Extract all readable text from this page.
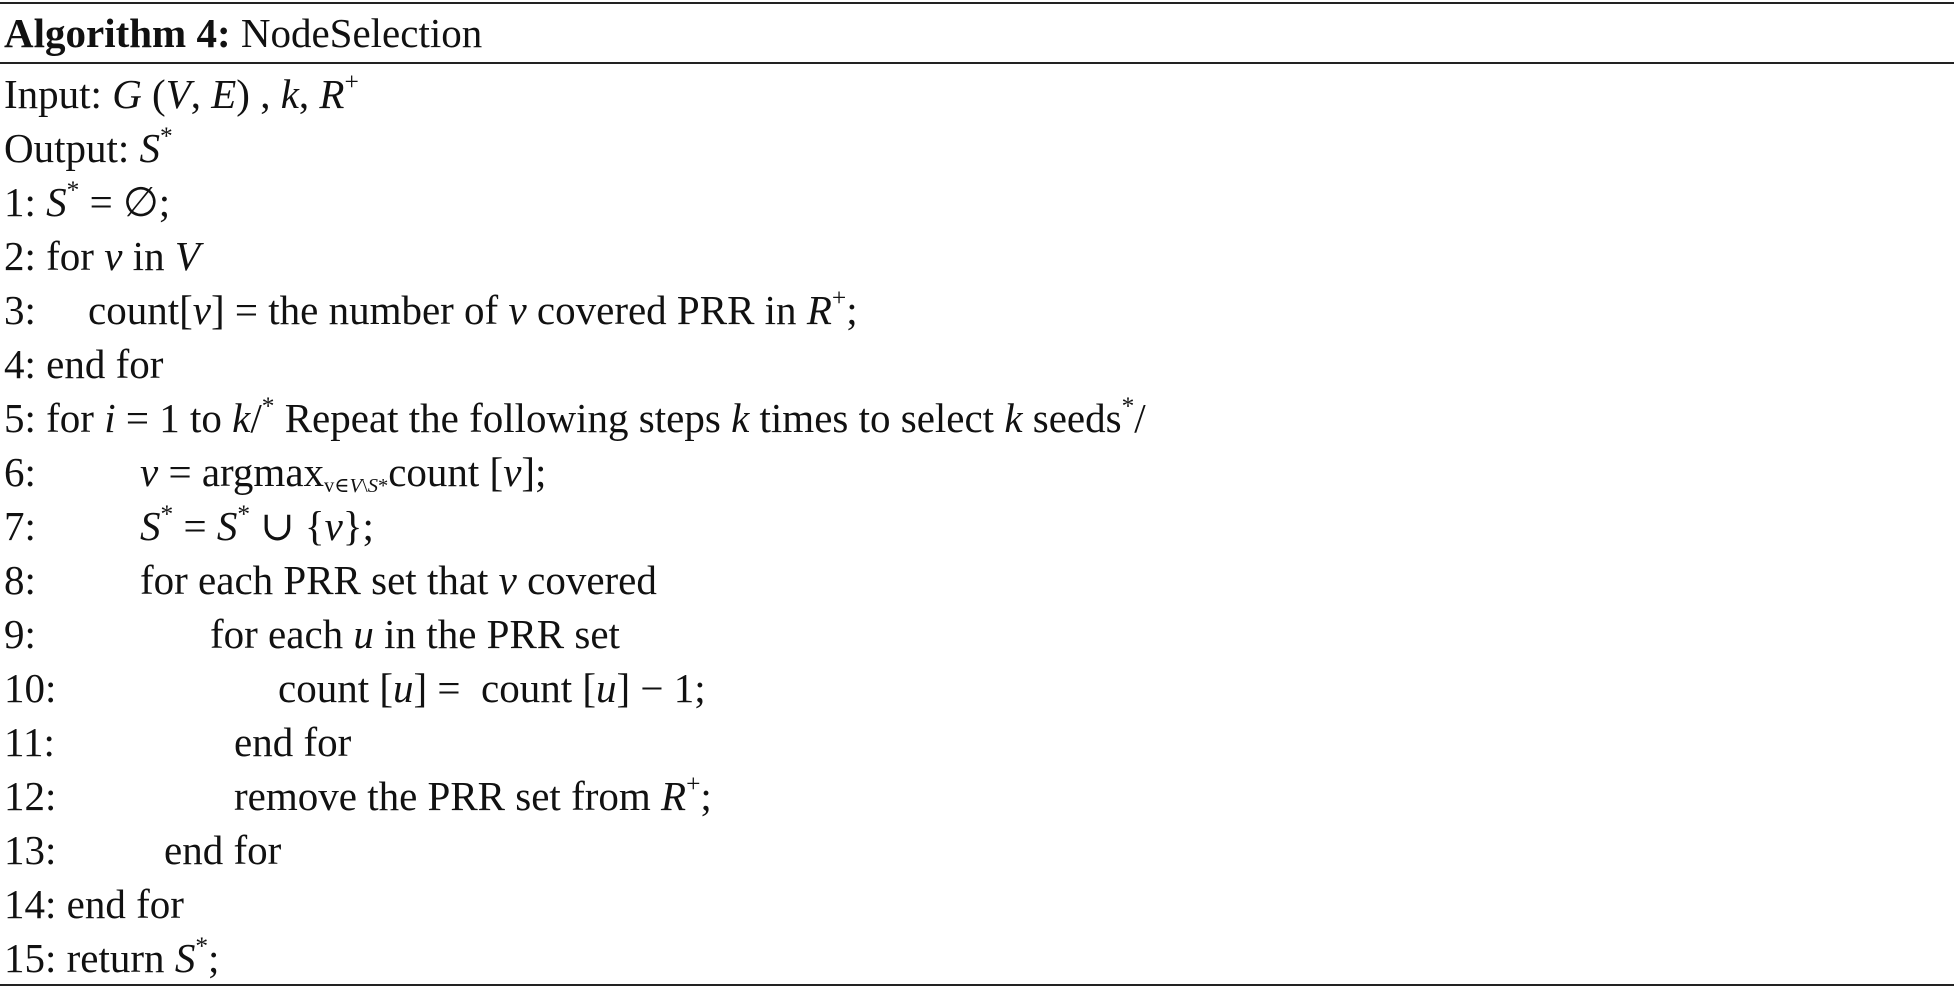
Algorithm 4: NodeSelection
Input: G (V, E) , k, R+
Output: S*
1: S* = ∅;
2: for v in V
3: count[v] = the number of v covered PRR in R+;
4: end for
5: for i = 1 to k/* Repeat the following steps k times to select k seeds*/
6:	v = argmax$_{v\in V\backslash S*}$count [v];
7:	S* = S* ∪ {v};
8:	for each PRR set that v covered
9:	for each u in the PRR set
10:	count [u] =  count [u] − 1;
11:	end for
12:	remove the PRR set from R+;
13:	end for
14: end for
15: return S*;
